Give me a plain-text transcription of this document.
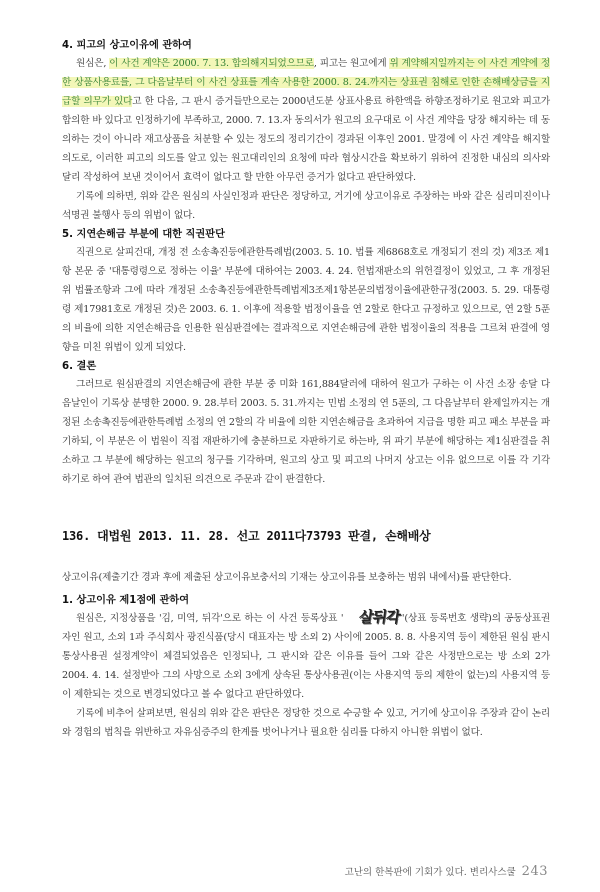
4. 피고의 상고이유에 관하여

원심은, 이 사건 계약은 2000. 7. 13. 합의해지되었으므로, 피고는 원고에게 위 계약해지일까지는 이 사건 계약에 정한 상품사용료를, 그 다음날부터 이 사건 상표를 계속 사용한 2000. 8. 24.까지는 상표권 침해로 인한 손해배상금을 지급할 의무가 있다고 한 다음, 그 판시 증거들만으로는 2000년도분 상표사용료 하한액을 하향조정하기로 원고와 피고가 합의한 바 있다고 인정하기에 부족하고, 2000. 7. 13.자 동의서가 원고의 요구대로 이 사건 계약을 당장 해지하는 데 동의하는 것이 아니라 재고상품을 처분할 수 있는 정도의 정리기간이 경과된 이후인 2001. 말경에 이 사건 계약을 해지할 의도로, 이러한 피고의 의도를 알고 있는 원고대리인의 요청에 따라 협상시간을 확보하기 위하여 진정한 내심의 의사와 달리 작성하여 보낸 것이어서 효력이 없다고 할 만한 아무런 증거가 없다고 판단하였다.

기록에 의하면, 위와 같은 원심의 사실인정과 판단은 정당하고, 거기에 상고이유로 주장하는 바와 같은 심리미진이나 석명권 불행사 등의 위법이 없다.

5. 지연손해금 부분에 대한 직권판단

직권으로 살피건대, 개정 전 소송촉진등에관한특례법(2003. 5. 10. 법률 제6868호로 개정되기 전의 것) 제3조 제1항 본문 중 '대통령령으로 정하는 이율' 부분에 대하여는 2003. 4. 24. 헌법재판소의 위헌결정이 있었고, 그 후 개정된 위 법률조항과 그에 따라 개정된 소송촉진등에관한특례법제3조제1항본문의법정이율에관한규정(2003. 5. 29. 대통령령 제17981호로 개정된 것)은 2003. 6. 1. 이후에 적용할 법정이율을 연 2할로 한다고 규정하고 있으므로, 연 2할 5푼의 비율에 의한 지연손해금을 인용한 원심판결에는 결과적으로 지연손해금에 관한 법정이율의 적용을 그르쳐 판결에 영향을 미친 위법이 있게 되었다.

6. 결론

그러므로 원심판결의 지연손해금에 관한 부분 중 미화 161,884달러에 대하여 원고가 구하는 이 사건 소장 송달 다음날인이 기록상 분명한 2000. 9. 28.부터 2003. 5. 31.까지는 민법 소정의 연 5푼의, 그 다음날부터 완제일까지는 개정된 소송촉진등에관한특례법 소정의 연 2할의 각 비율에 의한 지연손해금을 초과하여 지급을 명한 피고 패소 부분을 파기하되, 이 부분은 이 법원이 직접 재판하기에 충분하므로 자판하기로 하는바, 위 파기 부분에 해당하는 제1심판결을 취소하고 그 부분에 해당하는 원고의 청구를 기각하며, 원고의 상고 및 피고의 나머지 상고는 이유 없으므로 이를 각 기각하기로 하여 관여 법관의 일치된 의견으로 주문과 같이 판결한다.

136. 대법원 2013. 11. 28. 선고 2011다73793 판결, 손해배상

상고이유(제출기간 경과 후에 제출된 상고이유보충서의 기재는 상고이유를 보충하는 범위 내에서)를 판단한다.

1. 상고이유 제1점에 관하여

원심은, 지정상품을 '김, 미역, 뒤각'으로 하는 이 사건 등록상표 ' 살뒤각'(상표 등록번호 생략)의 공동상표권자인 원고, 소외 1과 주식회사 광진식품(당시 대표자는 방 소외 2) 사이에 2005. 8. 8. 사용지역 등이 제한된 원심 판시 통상사용권 설정계약이 체결되었음은 인정되나, 그 판시와 같은 이유를 들어 그와 같은 사정만으로는 방 소외 2가 2004. 4. 14. 설정받아 그의 사망으로 소외 3에게 상속된 통상사용권(이는 사용지역 등의 제한이 없는)의 사용지역 등이 제한되는 것으로 변경되었다고 볼 수 없다고 판단하였다.

기록에 비추어 살펴보면, 원심의 위와 같은 판단은 정당한 것으로 수긍할 수 있고, 거기에 상고이유 주장과 같이 논리와 경험의 법칙을 위반하고 자유심증주의 한계를 벗어나거나 필요한 심리를 다하지 아니한 위법이 없다.

고난의 한복판에 기회가 있다. 변리사스쿨 243
